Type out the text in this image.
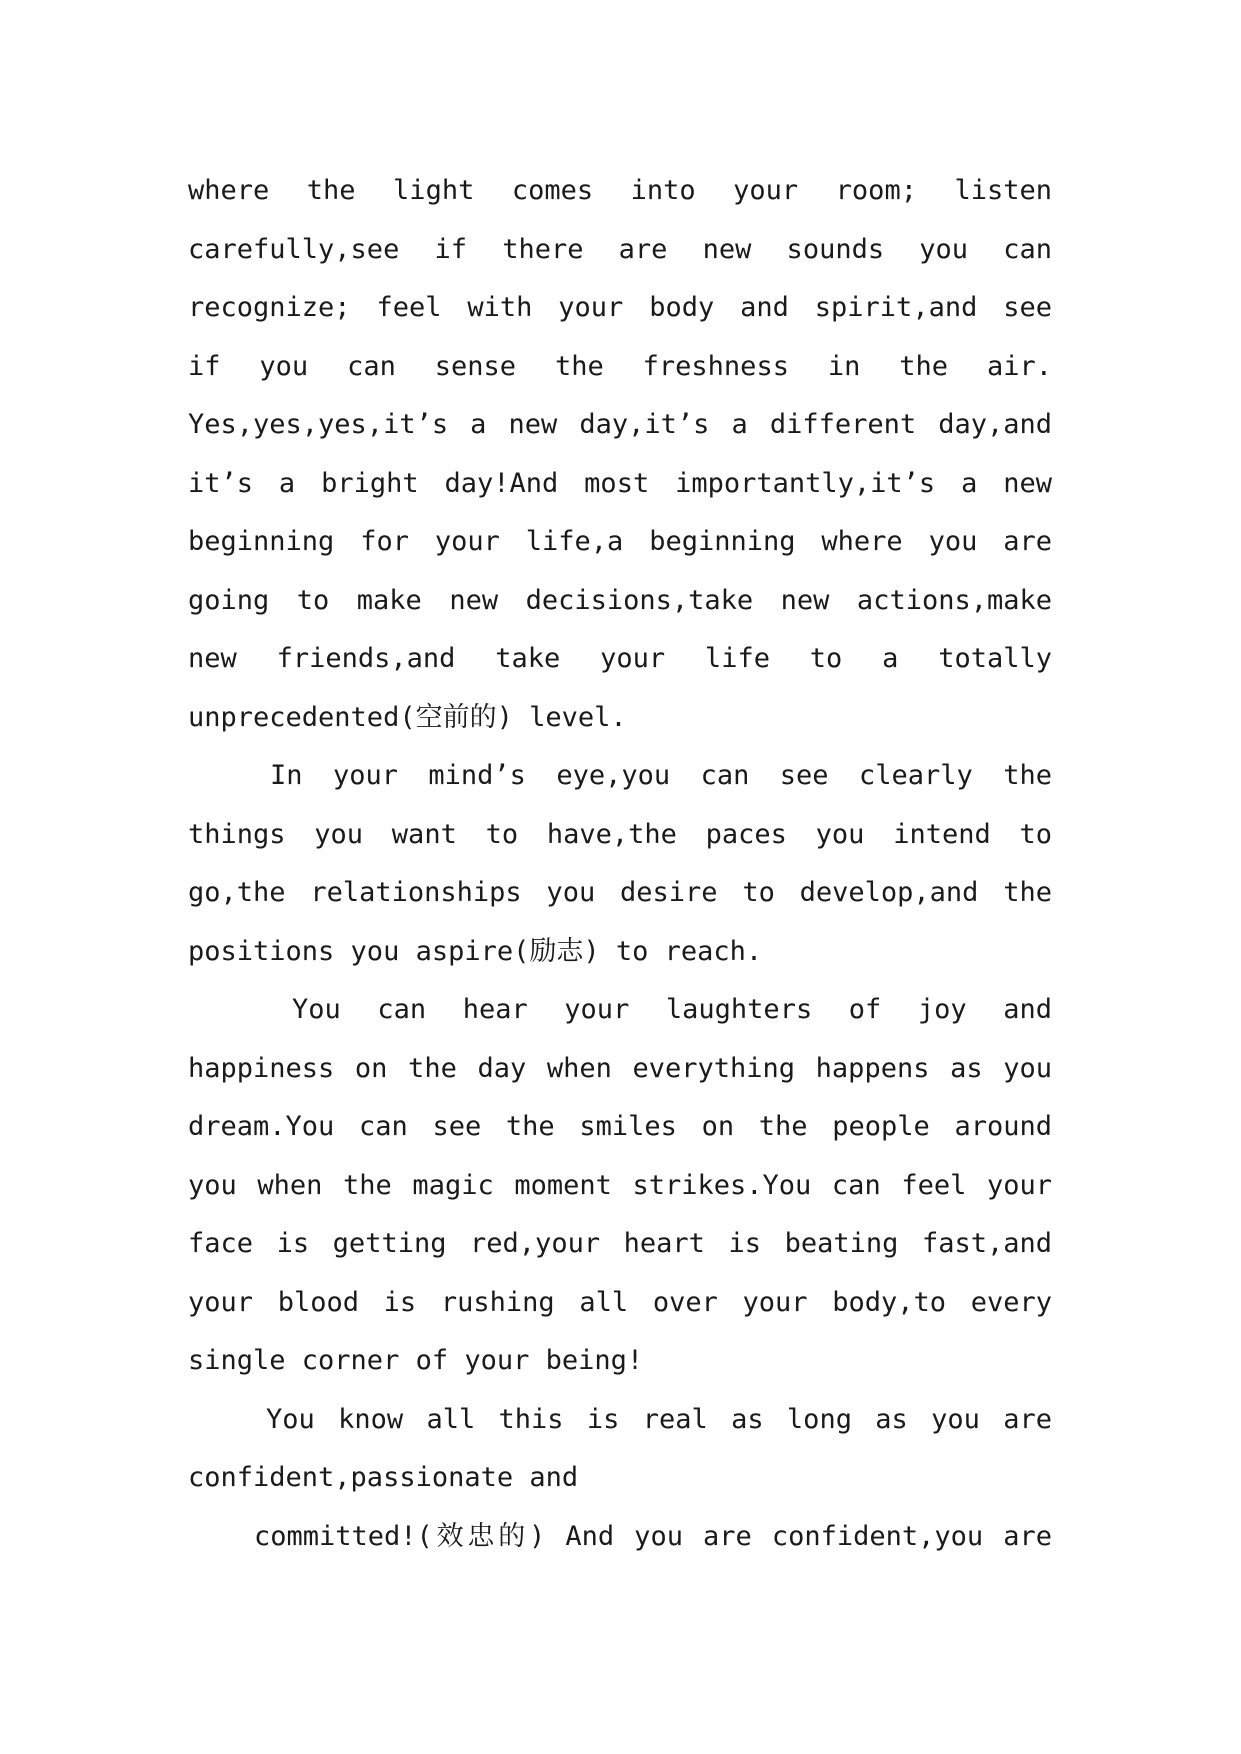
where the light comes into your room; listen
carefully,see if there are new sounds you can
recognize; feel with your body and spirit,and see
if you can sense the freshness in the air.
Yes,yes,yes,it’s a new day,it’s a different day,and
it’s a bright day!And most importantly,it’s a new
beginning for your life,a beginning where you are
going to make new decisions,take new actions,make
new friends,and take your life to a totally
unprecedented(空前的) level.
In your mind’s eye,you can see clearly the
things you want to have,the paces you intend to
go,the relationships you desire to develop,and the
positions you aspire(励志) to reach.
You can hear your laughters of joy and
happiness on the day when everything happens as you
dream.You can see the smiles on the people around
you when the magic moment strikes.You can feel your
face is getting red,your heart is beating fast,and
your blood is rushing all over your body,to every
single corner of your being!
You know all this is real as long as you are
confident,passionate and
committed!(效忠的) And you are confident,you are
